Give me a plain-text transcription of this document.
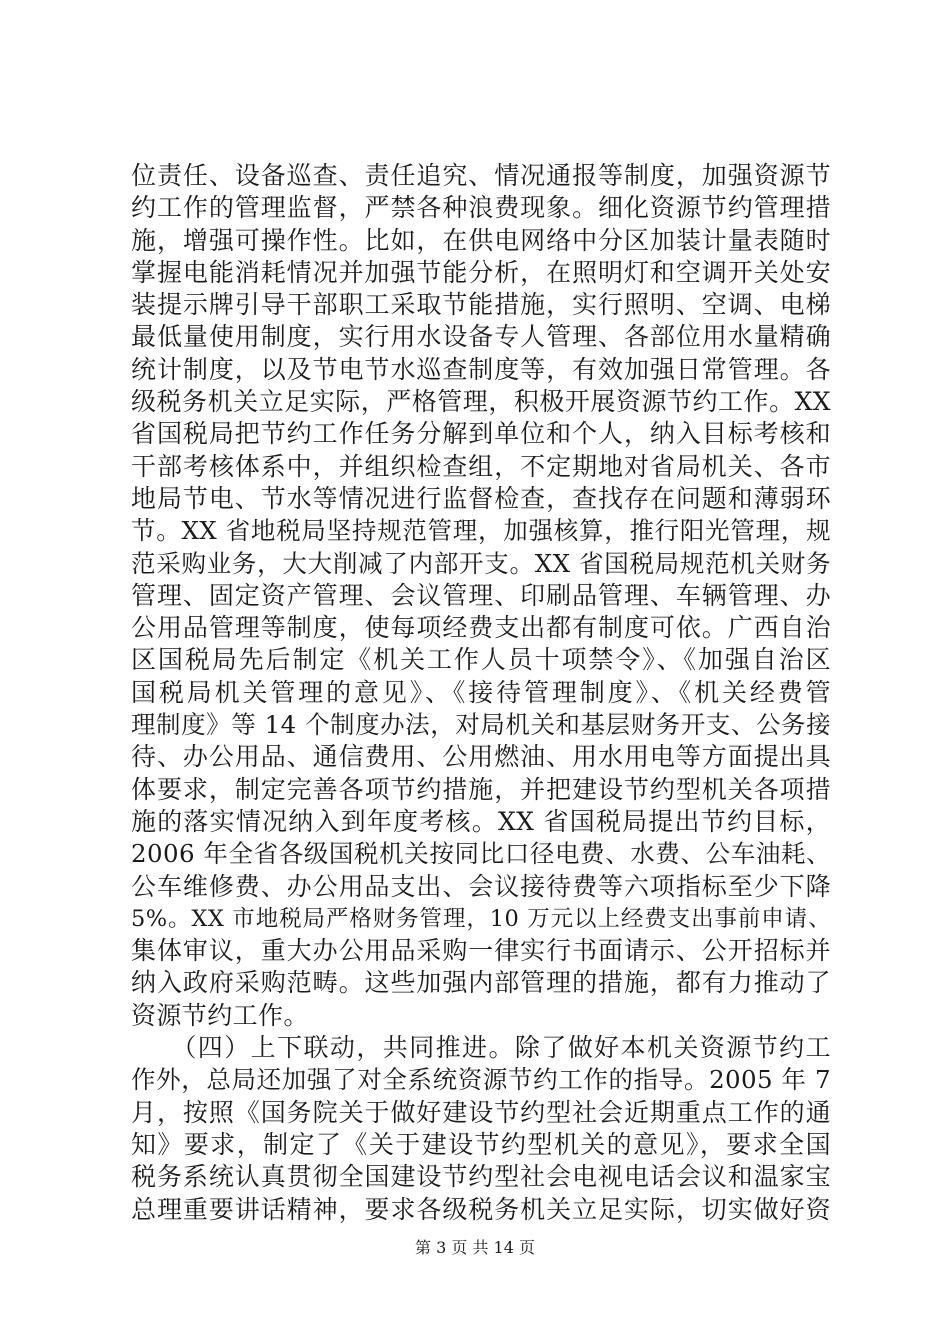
位责任、设备巡查、责任追究、情况通报等制度，加强资源节
约工作的管理监督，严禁各种浪费现象。细化资源节约管理措
施，增强可操作性。比如，在供电网络中分区加装计量表随时
掌握电能消耗情况并加强节能分析，在照明灯和空调开关处安
装提示牌引导干部职工采取节能措施，实行照明、空调、电梯
最低量使用制度，实行用水设备专人管理、各部位用水量精确
统计制度，以及节电节水巡查制度等，有效加强日常管理。各
级税务机关立足实际，严格管理，积极开展资源节约工作。XX
省国税局把节约工作任务分解到单位和个人，纳入目标考核和
干部考核体系中，并组织检查组，不定期地对省局机关、各市
地局节电、节水等情况进行监督检查，查找存在问题和薄弱环
节。XX 省地税局坚持规范管理，加强核算，推行阳光管理，规
范采购业务，大大削减了内部开支。XX 省国税局规范机关财务
管理、固定资产管理、会议管理、印刷品管理、车辆管理、办
公用品管理等制度，使每项经费支出都有制度可依。广西自治
区国税局先后制定《机关工作人员十项禁令》、《加强自治区
国税局机关管理的意见》、《接待管理制度》、《机关经费管
理制度》等 14 个制度办法，对局机关和基层财务开支、公务接
待、办公用品、通信费用、公用燃油、用水用电等方面提出具
体要求，制定完善各项节约措施，并把建设节约型机关各项措
施的落实情况纳入到年度考核。XX 省国税局提出节约目标，
2006 年全省各级国税机关按同比口径电费、水费、公车油耗、
公车维修费、办公用品支出、会议接待费等六项指标至少下降
5%。XX 市地税局严格财务管理，10 万元以上经费支出事前申请、
集体审议，重大办公用品采购一律实行书面请示、公开招标并
纳入政府采购范畴。这些加强内部管理的措施，都有力推动了
资源节约工作。
　　（四）上下联动，共同推进。除了做好本机关资源节约工
作外，总局还加强了对全系统资源节约工作的指导。2005 年 7
月，按照《国务院关于做好建设节约型社会近期重点工作的通
知》要求，制定了《关于建设节约型机关的意见》，要求全国
税务系统认真贯彻全国建设节约型社会电视电话会议和温家宝
总理重要讲话精神，要求各级税务机关立足实际，切实做好资
第 3 页 共 14 页
